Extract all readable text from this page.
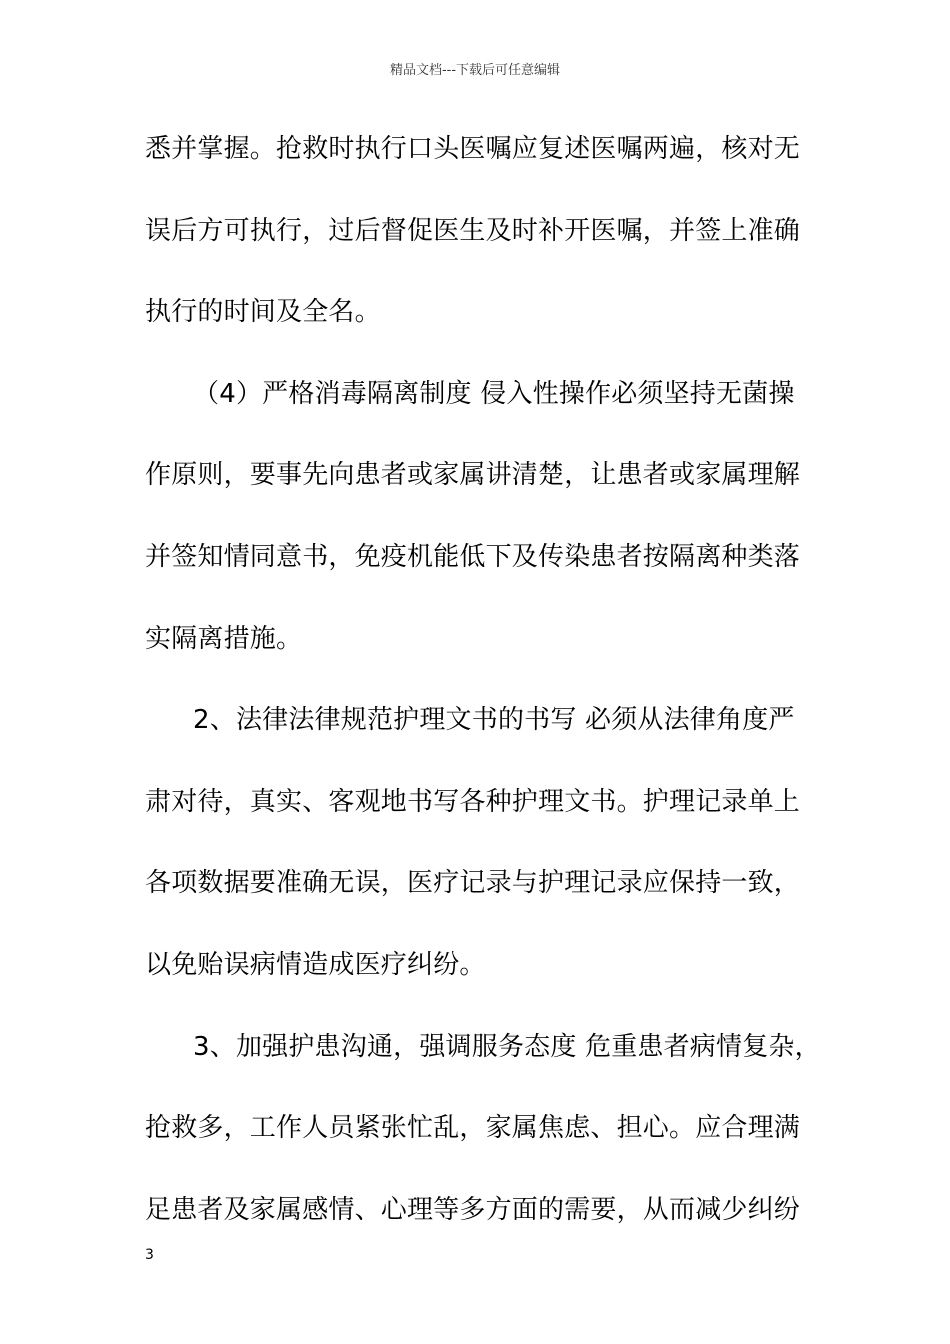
精品文档---下载后可任意编辑
悉并掌握。抢救时执行口头医嘱应复述医嘱两遍，核对无
误后方可执行，过后督促医生及时补开医嘱，并签上准确
执行的时间及全名。
（4）严格消毒隔离制度 侵入性操作必须坚持无菌操
作原则，要事先向患者或家属讲清楚，让患者或家属理解
并签知情同意书，免疫机能低下及传染患者按隔离种类落
实隔离措施。
2、法律法律规范护理文书的书写 必须从法律角度严
肃对待，真实、客观地书写各种护理文书。护理记录单上
各项数据要准确无误，医疗记录与护理记录应保持一致，
以免贻误病情造成医疗纠纷。
3、加强护患沟通，强调服务态度 危重患者病情复杂，
抢救多，工作人员紧张忙乱，家属焦虑、担心。应合理满
足患者及家属感情、心理等多方面的需要，从而减少纠纷
3
